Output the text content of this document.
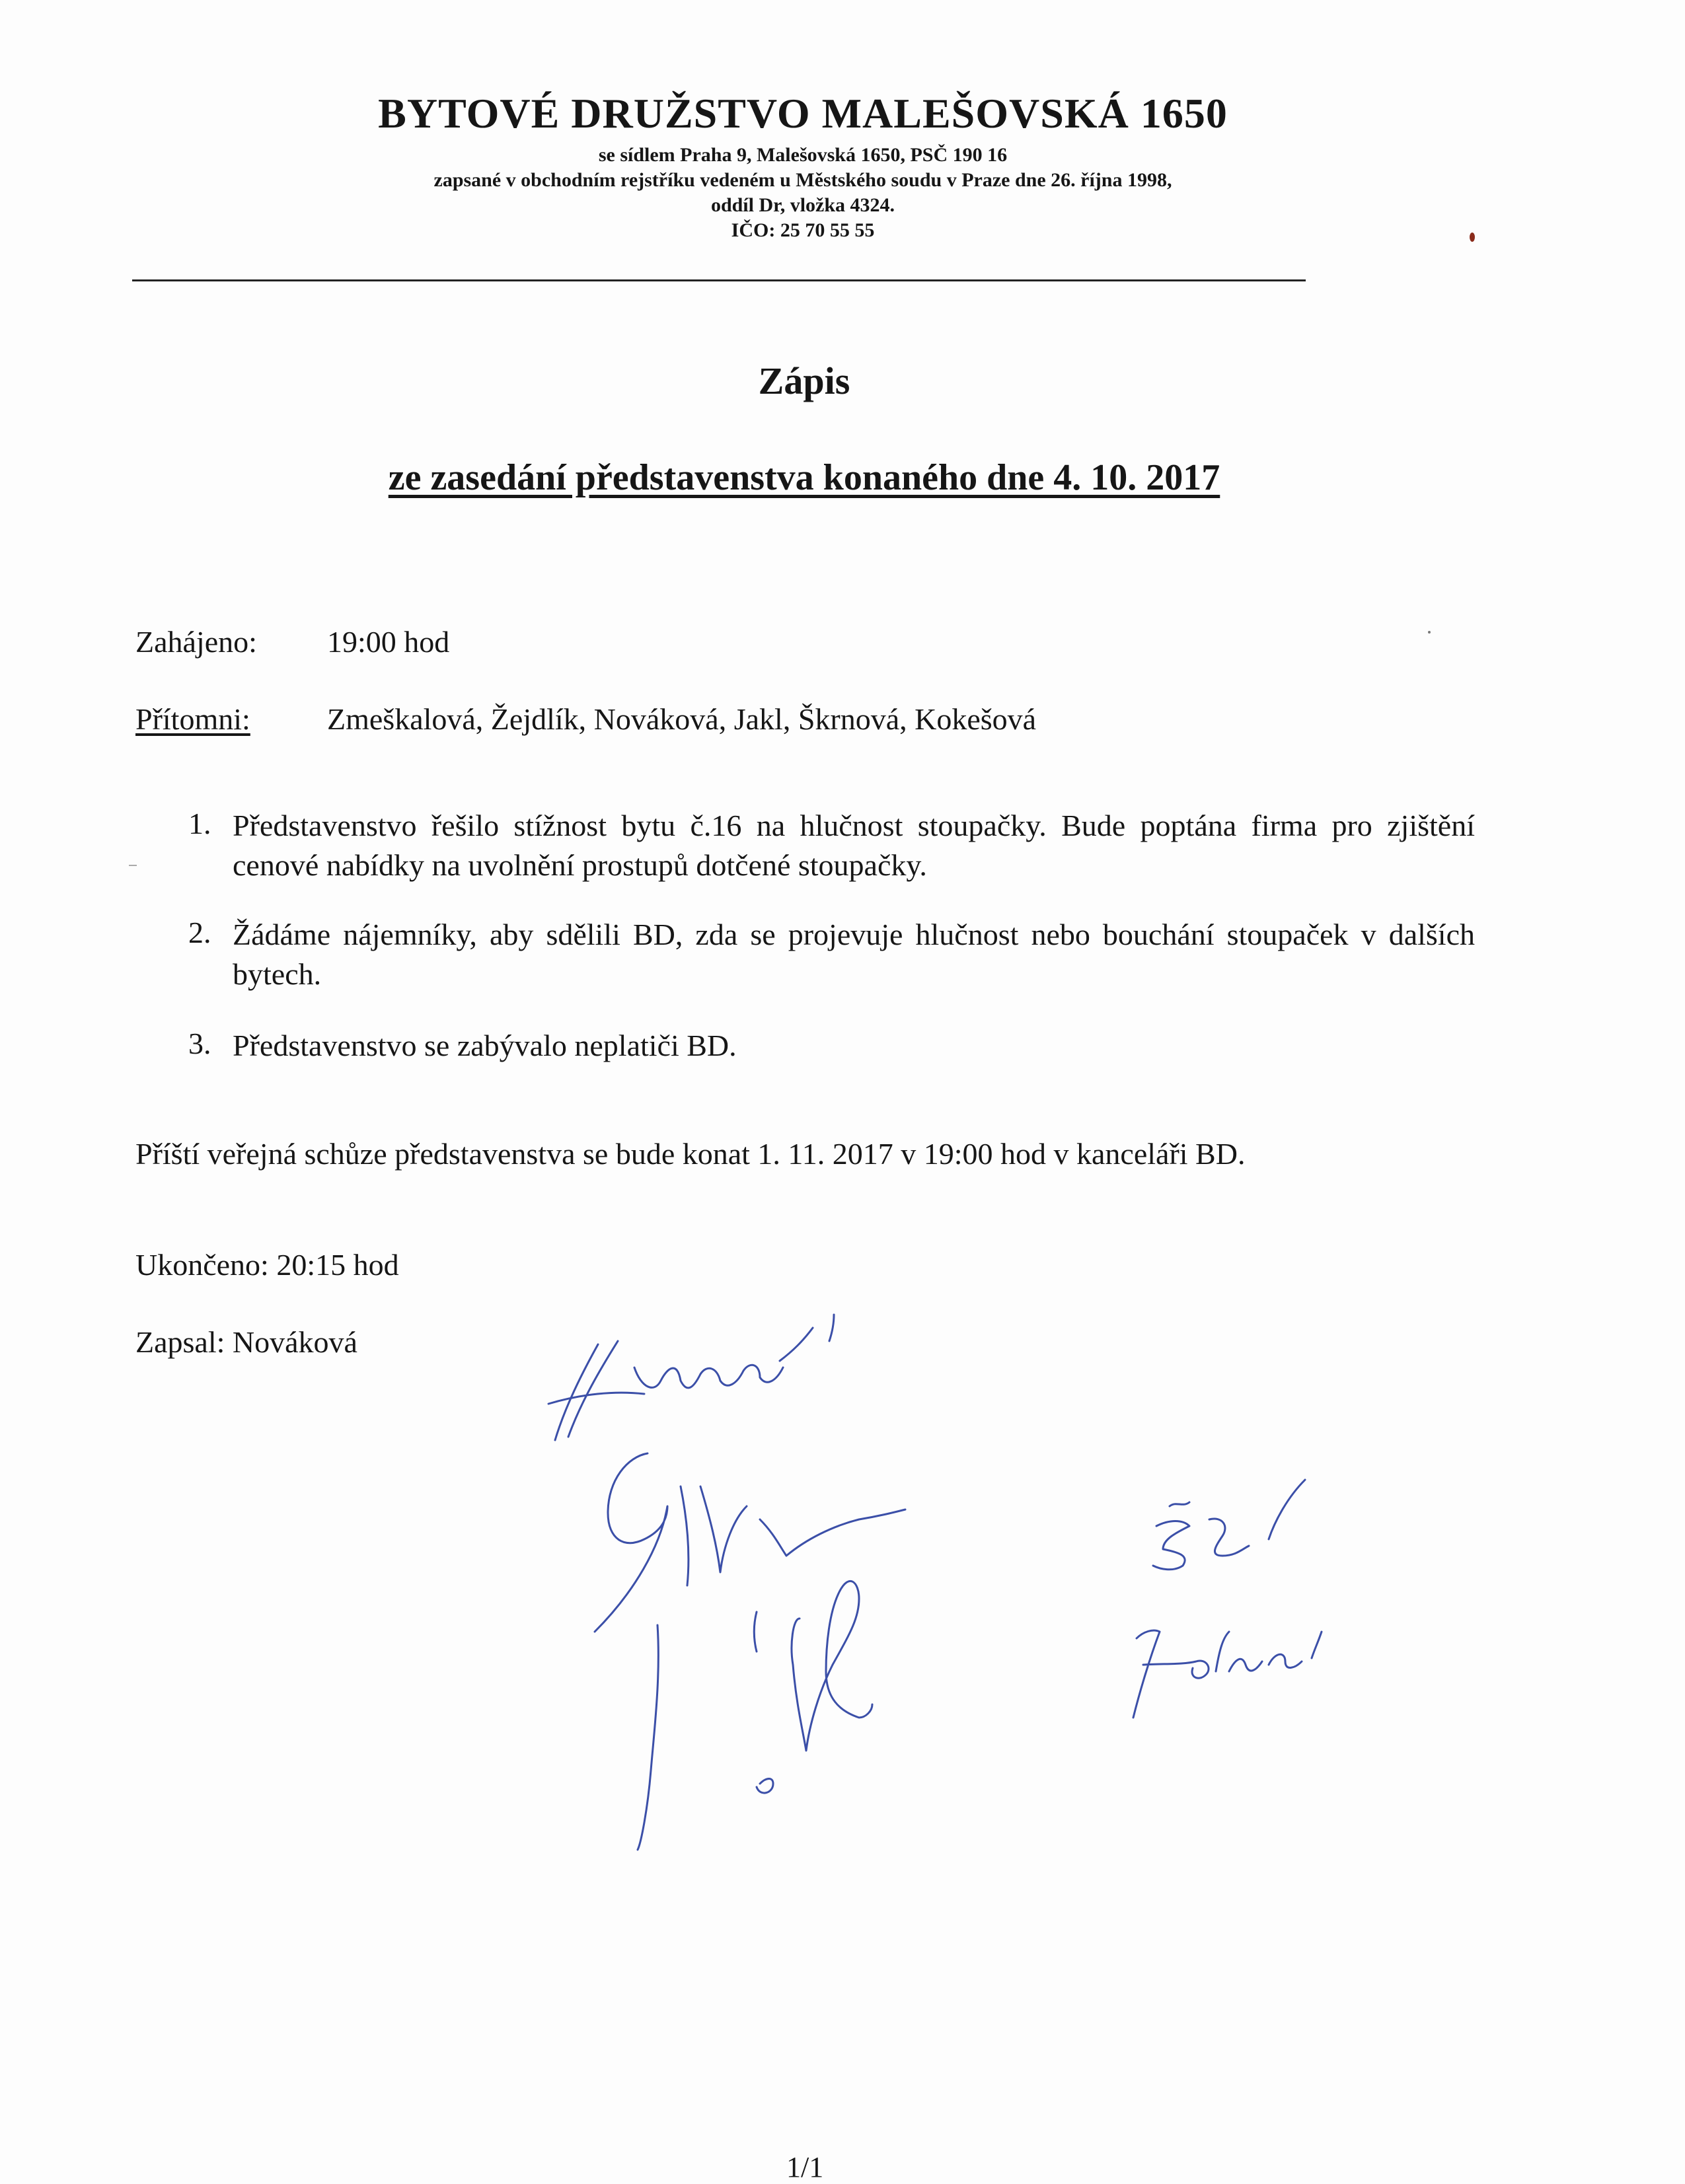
BYTOVÉ DRUŽSTVO MALEŠOVSKÁ 1650
se sídlem Praha 9, Malešovská 1650, PSČ 190 16
zapsané v obchodním rejstříku vedeném u Městského soudu v Praze dne 26. října 1998,
oddíl Dr, vložka 4324.
IČO: 25 70 55 55
Zápis
ze zasedání představenstva konaného dne 4. 10. 2017
Zahájeno: 19:00 hod
Přítomni:	Zmeškalová, Žejdlík, Nováková, Jakl, Škrnová, Kokešová
1. Představenstvo řešilo stížnost bytu č.16 na hlučnost stoupačky. Bude poptána firma pro zjištění cenové nabídky na uvolnění prostupů dotčené stoupačky.
2. Žádáme nájemníky, aby sdělili BD, zda se projevuje hlučnost nebo bouchání stoupaček v dalších bytech.
3. Představenstvo se zabývalo neplatiči BD.
Příští veřejná schůze představenstva se bude konat 1. 11. 2017 v 19:00 hod v kanceláři BD.
Ukončeno: 20:15 hod
Zapsal: Nováková
1/1
